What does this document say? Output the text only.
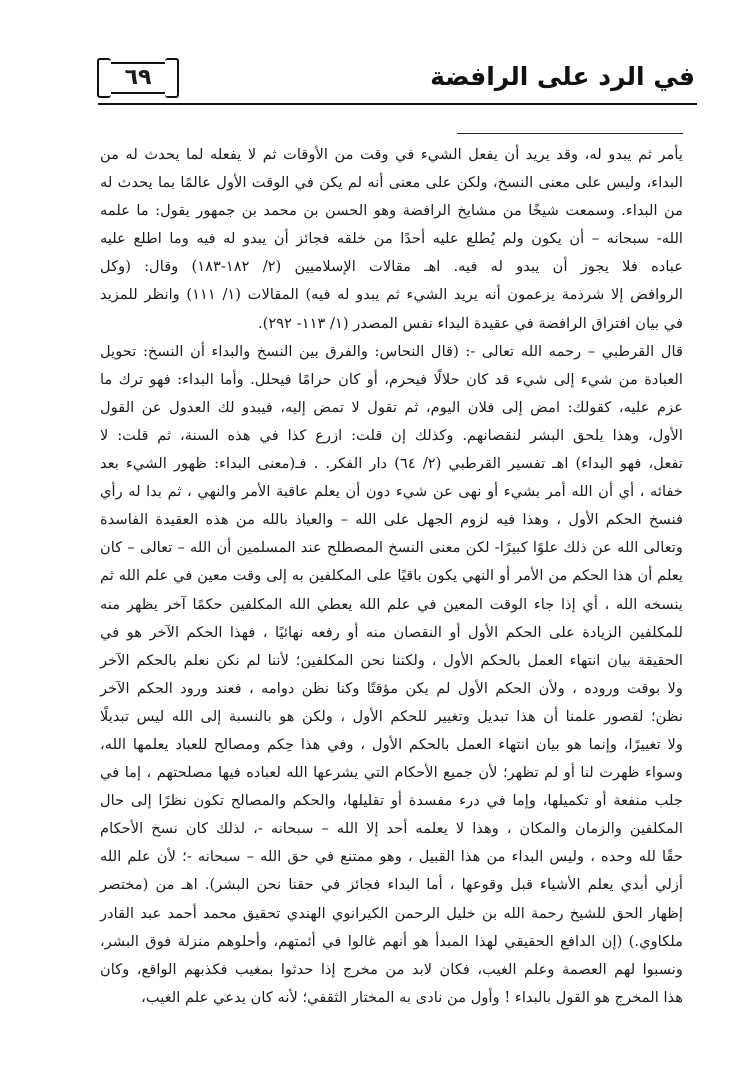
في الرد على الرافضة
٦٩
يأمر ثم يبدو له، وقد يريد أن يفعل الشيء في وقت من الأوقات ثم لا يفعله لما يحدث له من
البداء، وليس على معنى النسخ، ولكن على معنى أنه لم يكن في الوقت الأول عالمًا بما يحدث له
من البداء. وسمعت شيخًا من مشايخ الرافضة وهو الحسن بن محمد بن جمهور يقول: ما علمه
الله- سبحانه – أن يكون ولم يُطلع عليه أحدًا من خلقه فجائز أن يبدو له فيه وما اطلع عليه
عباده فلا يجوز أن يبدو له فيه. اهـ مقالات الإسلاميين (٢/ ١٨٢-١٨٣) وقال: (وكل
الروافض إلا شرذمة يزعمون أنه يريد الشيء ثم يبدو له فيه) المقالات (١/ ١١١) وانظر للمزيد
في بيان افتراق الرافضة في عقيدة البداء نفس المصدر (١/ ١١٣- ٢٩٢).
قال القرطبي – رحمه الله تعالى -: (قال النحاس: والفرق بين النسخ والبداء أن النسخ: تحويل
العبادة من شيء إلى شيء قد كان حلالًا فيحرم، أو كان حرامًا فيحلل. وأما البداء: فهو ترك ما
عزم عليه، كقولك: امض إلى فلان اليوم، ثم تقول لا تمض إليه، فيبدو لك العدول عن القول
الأول، وهذا يلحق البشر لنقصانهم. وكذلك إن قلت: ازرع كذا في هذه السنة، ثم قلت: لا
تفعل، فهو البداء) اهـ تفسير القرطبي (٢/ ٦٤) دار الفكر. . فـ(معنى البداء: ظهور الشيء بعد
خفائه ، أي أن الله أمر بشيء أو نهى عن شيء دون أن يعلم عاقبة الأمر والنهي ، ثم بدا له رأي
فنسخ الحكم الأول ، وهذا فيه لزوم الجهل على الله – والعياذ بالله من هذه العقيدة الفاسدة
وتعالى الله عن ذلك علوًا كبيرًا- لكن معنى النسخ المصطلح عند المسلمين أن الله – تعالى – كان
يعلم أن هذا الحكم من الأمر أو النهي يكون باقيًا على المكلفين به إلى وقت معين في علم الله ثم
ينسخه الله ، أي إذا جاء الوقت المعين في علم الله يعطي الله المكلفين حكمًا آخر يظهر منه
للمكلفين الزيادة على الحكم الأول أو النقصان منه أو رفعه نهائيًا ، فهذا الحكم الآخر هو في
الحقيقة بيان انتهاء العمل بالحكم الأول ، ولكننا نحن المكلفين؛ لأننا لم نكن نعلم بالحكم الآخر
ولا بوقت وروده ، ولأن الحكم الأول لم يكن مؤقتًا وكنا نظن دوامه ، فعند ورود الحكم الآخر
نظن؛ لقصور علمنا أن هذا تبديل وتغيير للحكم الأول ، ولكن هو بالنسبة إلى الله ليس تبديلًا
ولا تغييرًا، وإنما هو بيان انتهاء العمل بالحكم الأول ، وفي هذا حِكم ومصالح للعباد يعلمها الله،
وسواء ظهرت لنا أو لم تظهر؛ لأن جميع الأحكام التي يشرعها الله لعباده فيها مصلحتهم ، إما في
جلب منفعة أو تكميلها، وإما في درء مفسدة أو تقليلها، والحكم والمصالح تكون نظرًا إلى حال
المكلفين والزمان والمكان ، وهذا لا يعلمه أحد إلا الله – سبحانه -، لذلك كان نسخ الأحكام
حقًا لله وحده ، وليس البداء من هذا القبيل ، وهو ممتنع في حق الله – سبحانه -؛ لأن علم الله
أزلي أبدي يعلم الأشياء قبل وقوعها ، أما البداء فجائز في حقنا نحن البشر). اهـ من (مختصر
إظهار الحق للشيخ رحمة الله بن خليل الرحمن الكيرانوي الهندي تحقيق محمد أحمد عبد القادر
ملكاوي.) (إن الدافع الحقيقي لهذا المبدأ هو أنهم غالوا في أئمتهم، وأحلوهم منزلة فوق البشر،
ونسبوا لهم العصمة وعلم الغيب، فكان لابد من مخرج إذا حدثوا بمغيب فكذبهم الواقع، وكان
هذا المخرج هو القول بالبداء ! وأول من نادى به المختار الثقفي؛ لأنه كان يدعي علم الغيب،
